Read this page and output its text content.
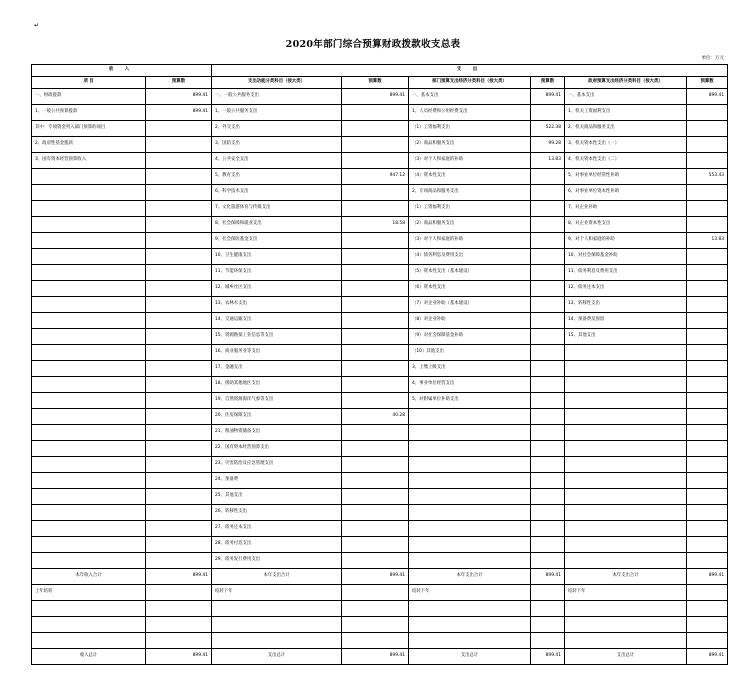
↵
2020年部门综合预算财政拨款收支总表
单位：万元
收 入		支 出					
项 目	预算数	支出功能分类科目（按大类）	预算数	部门预算支出经济分类科目（按大类）	预算数	政府预算支出经济分类科目（按大类）	预算数
一、财政拨款	899.41	一、一般公共服务支出	899.41	一、基本支出	899.41	一、基本支出	899.41
1、一般公共预算拨款	899.41	1、一般公共服务支出		1、人员经费和公用经费支出		1、机关工资福利支出	
其中：专项资金列入部门预算的项目		2、外交支出		（1）工资福利支出	522.38	2、机关商品和服务支出	
2、政府性基金拨款		3、国防支出		（2）商品和服务支出	99.28	3、机关资本性支出（一）	
3、国有资本经营预算收入		4、公共安全支出		（3）对个人和家庭的补助	13.83	4、机关资本性支出（二）	
		5、教育支出	947.12	（4）资本性支出		5、对事业单位经常性补助	553.43
		6、科学技术支出		2、专项商品和服务支出		6、对事业单位资本性补助	
		7、文化旅游体育与传媒支出		（1）工资福利支出		7、对企业补助	
		8、社会保障和就业支出	18.58	（2）商品和服务支出		8、对企业资本性支出	
		9、社会保险基金支出		（3）对个人和家庭的补助		9、对个人和家庭的补助	13.83
		10、卫生健康支出		（4）债务利息及费用支出		10、对社会保障基金补助	
		11、节能环保支出		（5）资本性支出（基本建设）		11、债务利息及费用支出	
		12、城乡社区支出		（6）资本性支出		12、债务还本支出	
		13、农林水支出		（7）对企业补助（基本建设）		13、转移性支出	
		14、交通运输支出		（8）对企业补助		14、预备费及预留	
		15、资源勘探工业信息等支出		（9）对社会保障基金补助		15、其他支出	
		16、商业服务业等支出		（10）其他支出			
		17、金融支出		3、上缴上级支出			
		18、援助其他地区支出		4、事业单位经营支出			
		19、自然资源海洋气象等支出		5、对附属单位补助支出			
		20、住房保障支出	40.28				
		21、粮油物资储备支出					
		22、国有资本经营预算支出					
		23、灾害防治及应急管理支出					
		24、预备费					
		25、其他支出					
		26、转移性支出					
		27、债务还本支出					
		28、债务付息支出					
		29、债务发行费用支出					
本年收入合计	899.41	本年支出合计	899.41	本年支出合计	899.41	本年支出合计	899.41
上年结转		结转下年		结转下年		结转下年	

收入总计	899.41	支出总计	899.41	支出总计	899.41	支出总计	899.41
